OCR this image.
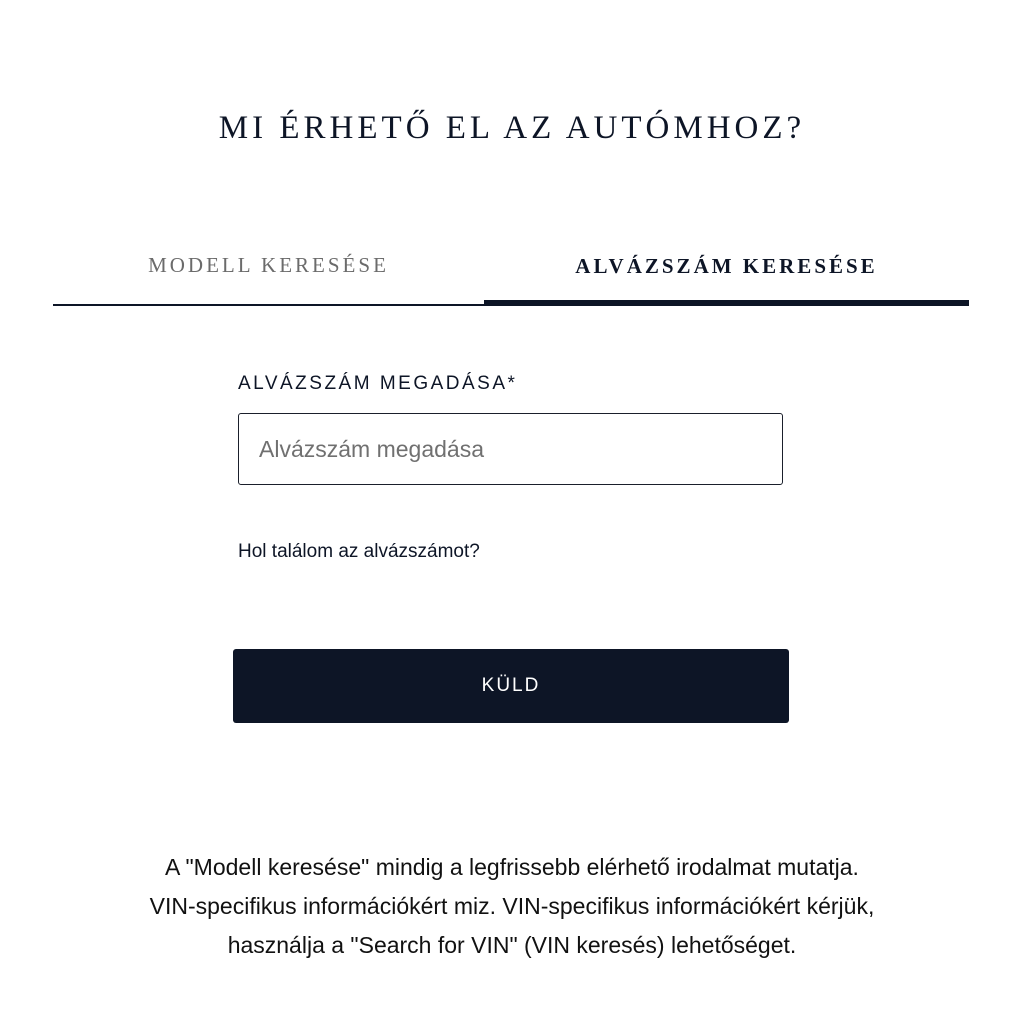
MI ÉRHETŐ EL AZ AUTÓMHOZ?
MODELL KERESÉSE	ALVÁZSZÁM KERESÉSE
ALVÁZSZÁM MEGADÁSA* Alvázszám megadása
Hol találom az alvázszámot?
KÜLD

A "Modell keresése" mindig a legfrissebb elérhető irodalmat mutatja.

VIN-specifikus információkért miz. VIN-specifikus információkért kérjük,

használja a "Search for VIN" (VIN keresés) lehetőséget.
